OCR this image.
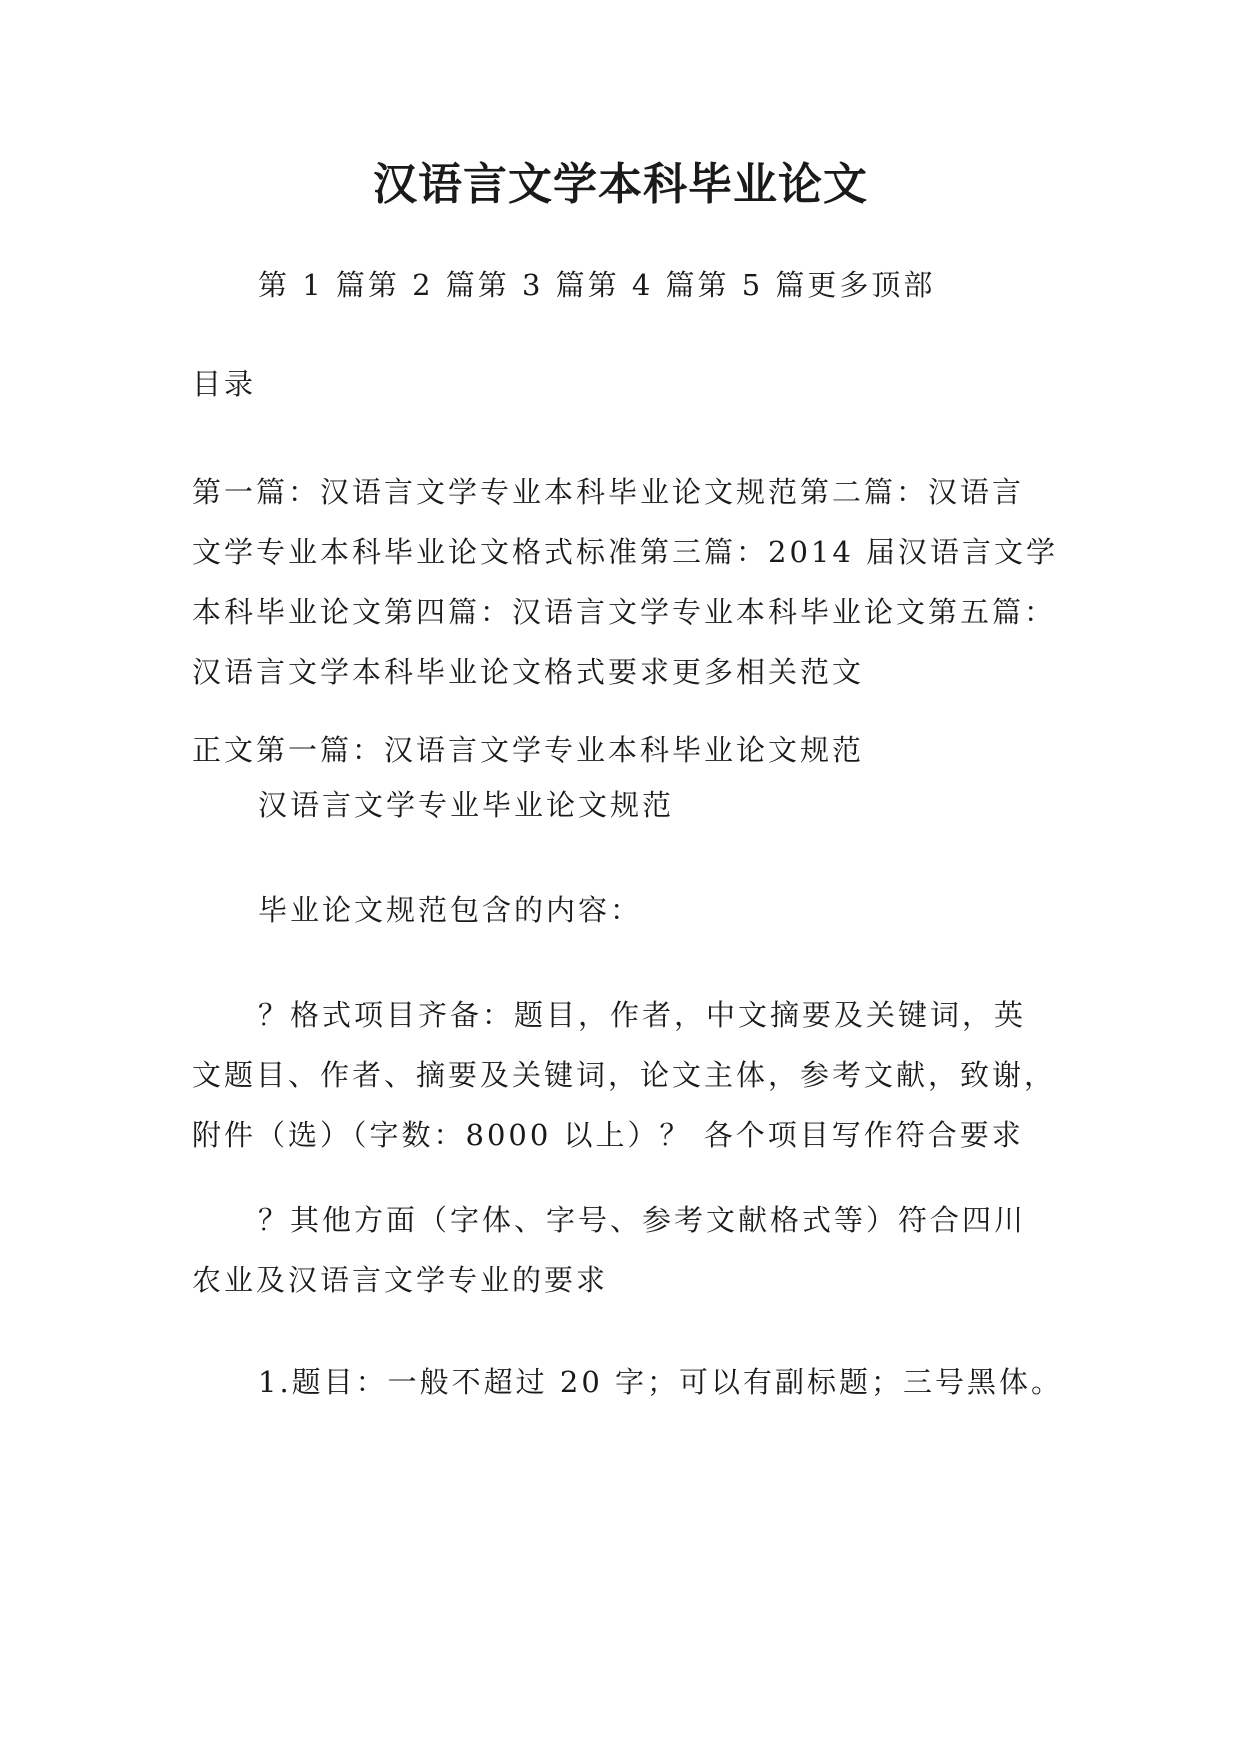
汉语言文学本科毕业论文

第 1 篇第 2 篇第 3 篇第 4 篇第 5 篇更多顶部

目录

第一篇：汉语言文学专业本科毕业论文规范第二篇：汉语言
文学专业本科毕业论文格式标准第三篇：2014 届汉语言文学
本科毕业论文第四篇：汉语言文学专业本科毕业论文第五篇：
汉语言文学本科毕业论文格式要求更多相关范文

正文第一篇：汉语言文学专业本科毕业论文规范

汉语言文学专业毕业论文规范

毕业论文规范包含的内容：

？格式项目齐备：题目，作者，中文摘要及关键词，英
文题目、作者、摘要及关键词，论文主体，参考文献，致谢，
附件（选）（字数：8000 以上）？ 各个项目写作符合要求
？其他方面（字体、字号、参考文献格式等）符合四川
农业及汉语言文学专业的要求

1.题目：一般不超过 20 字；可以有副标题；三号黑体。
